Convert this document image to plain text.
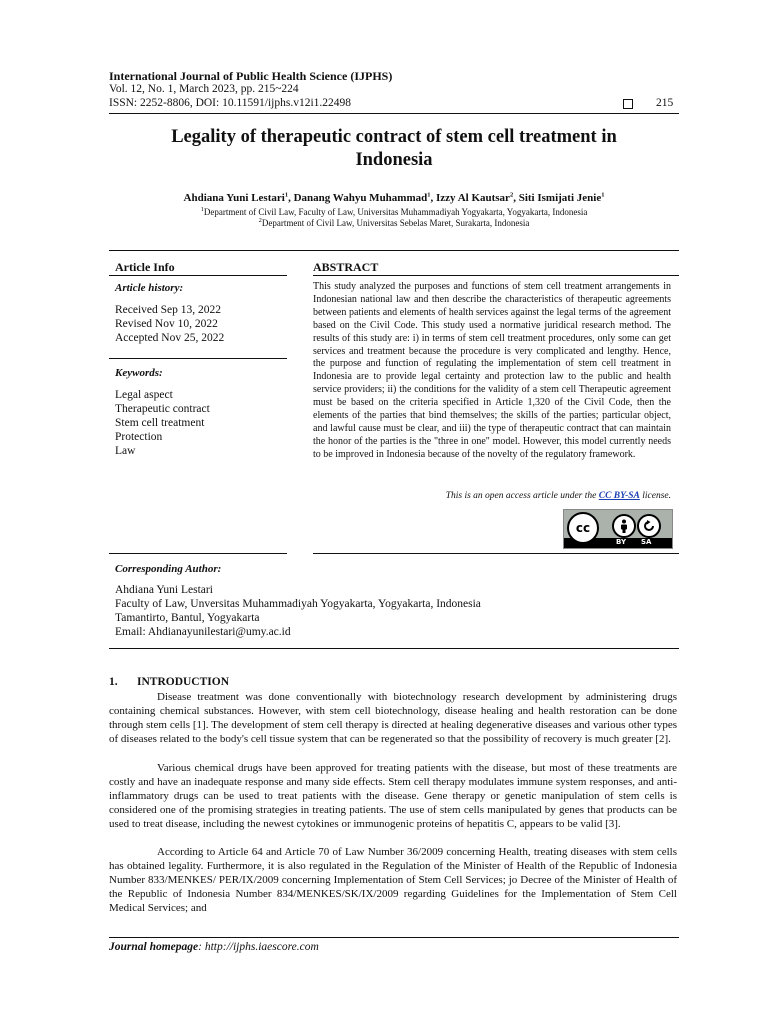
International Journal of Public Health Science (IJPHS)
Vol. 12, No. 1, March 2023, pp. 215~224
ISSN: 2252-8806, DOI: 10.11591/ijphs.v12i1.22498	215
Legality of therapeutic contract of stem cell treatment in
Indonesia
Ahdiana Yuni Lestari$^1$, Danang Wahyu Muhammad$^1$, Izzy Al Kautsar$^2$, Siti Ismijati Jenie$^1$
$^1$Department of Civil Law, Faculty of Law, Universitas Muhammadiyah Yogyakarta, Yogyakarta, Indonesia
$^2$Department of Civil Law, Universitas Sebelas Maret, Surakarta, Indonesia
Article Info	ABSTRACT
Article history:
Received Sep 13, 2022
Revised Nov 10, 2022
Accepted Nov 25, 2022
Keywords:
Legal aspect
Therapeutic contract
Stem cell treatment
Protection
Law
This study analyzed the purposes and functions of stem cell treatment arrangements in Indonesian national law and then describe the characteristics of therapeutic agreements between patients and elements of health services against the legal terms of the agreement based on the Civil Code. This study used a normative juridical research method. The results of this study are: i) in terms of stem cell treatment procedures, only some can get services and treatment because the procedure is very complicated and lengthy. Hence, the purpose and function of regulating the implementation of stem cell treatment in Indonesia are to provide legal certainty and protection law to the public and health service providers; ii) the conditions for the validity of a stem cell Therapeutic agreement must be based on the criteria specified in Article 1,320 of the Civil Code, then the elements of the parties that bind themselves; the skills of the parties; particular object, and lawful cause must be clear, and iii) the type of therapeutic contract that can maintain the honor of the parties is the "three in one" model. However, this model currently needs to be improved in Indonesia because of the novelty of the regulatory framework.
This is an open access article under the CC BY-SA license.
cc
BY SA
Corresponding Author:
Ahdiana Yuni Lestari
Faculty of Law, Unversitas Muhammadiyah Yogyakarta, Yogyakarta, Indonesia
Tamantirto, Bantul, Yogyakarta
Email: Ahdianayunilestari@umy.ac.id
1. INTRODUCTION
Disease treatment was done conventionally with biotechnology research development by administering drugs containing chemical substances. However, with stem cell biotechnology, disease healing and health restoration can be done through stem cells [1]. The development of stem cell therapy is directed at healing degenerative diseases and various other types of diseases related to the body's cell tissue system that can be regenerated so that the possibility of recovery is much greater [2].
Various chemical drugs have been approved for treating patients with the disease, but most of these treatments are costly and have an inadequate response and many side effects. Stem cell therapy modulates immune system responses, and anti-inflammatory drugs can be used to treat patients with the disease. Gene therapy or genetic manipulation of stem cells is considered one of the promising strategies in treating patients. The use of stem cells manipulated by genes that products can be used to treat disease, including the newest cytokines or immunogenic proteins of hepatitis C, appears to be valid [3].
According to Article 64 and Article 70 of Law Number 36/2009 concerning Health, treating diseases with stem cells has obtained legality. Furthermore, it is also regulated in the Regulation of the Minister of Health of the Republic of Indonesia Number 833/MENKES/ PER/IX/2009 concerning Implementation of Stem Cell Services; jo Decree of the Minister of Health of the Republic of Indonesia Number 834/MENKES/SK/IX/2009 regarding Guidelines for the Implementation of Stem Cell Medical Services; and
Journal homepage: http://ijphs.iaescore.com
